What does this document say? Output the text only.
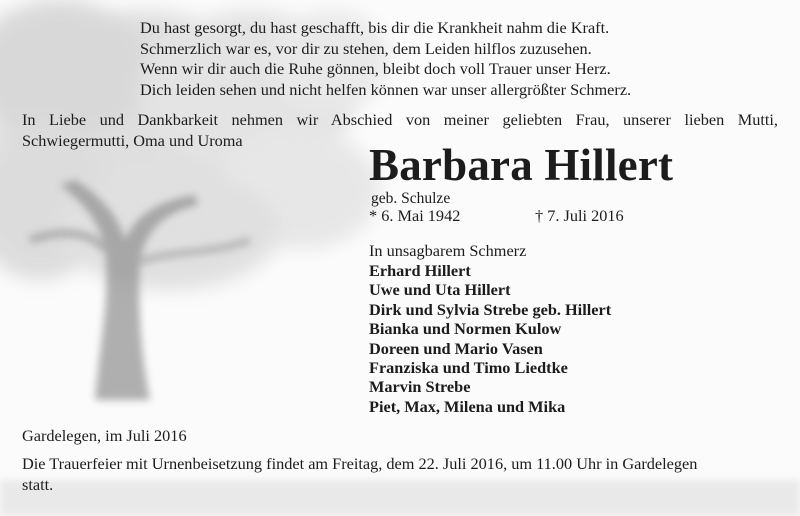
Du hast gesorgt, du hast geschafft, bis dir die Krankheit nahm die Kraft.
Schmerzlich war es, vor dir zu stehen, dem Leiden hilflos zuzusehen.
Wenn wir dir auch die Ruhe gönnen, bleibt doch voll Trauer unser Herz.
Dich leiden sehen und nicht helfen können war unser allergrößter Schmerz.
In Liebe und Dankbarkeit nehmen wir Abschied von meiner geliebten Frau, unserer lieben Mutti,
Schwiegermutti, Oma und Uroma	Barbara Hillert
geb. Schulze
* 6. Mai 1942	† 7. Juli 2016
In unsagbarem Schmerz
Erhard Hillert
Uwe und Uta Hillert
Dirk und Sylvia Strebe geb. Hillert
Bianka und Normen Kulow
Doreen und Mario Vasen
Franziska und Timo Liedtke
Marvin Strebe
Piet, Max, Milena und Mika
Gardelegen, im Juli 2016
Die Trauerfeier mit Urnenbeisetzung findet am Freitag, dem 22. Juli 2016, um 11.00 Uhr in Gardelegen
statt.
